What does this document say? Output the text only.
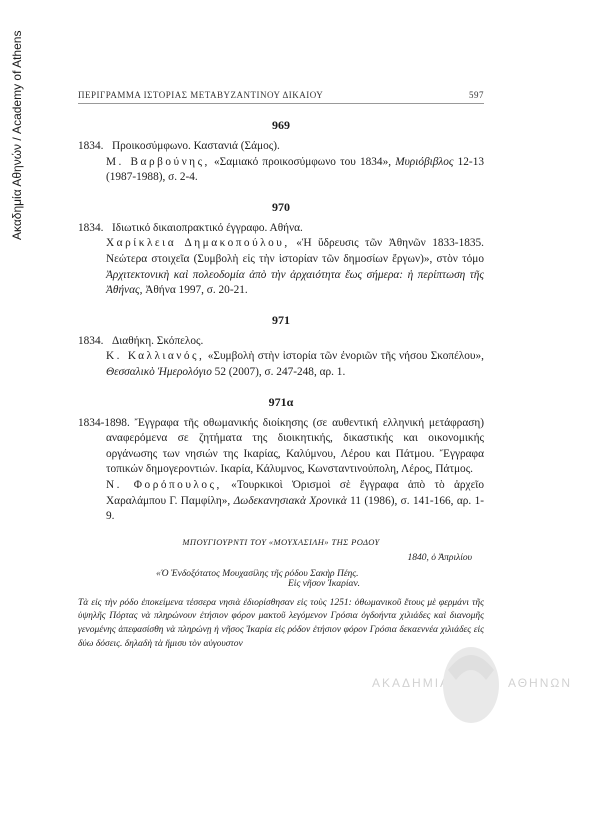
Ακαδημία Αθηνών / Academy of Athens	ΠΕΡΙΓΡΑΜΜΑ ΙΣΤΟΡΙΑΣ ΜΕΤΑΒΥΖΑΝΤΙΝΟΥ ΔΙΚΑΙΟΥ	597
969
1834. Προικοσύμφωνο. Καστανιά (Σάμος).
Μ. Βαρβούνης, «Σαμιακό προικοσύμφωνο του 1834», Μυριόβιβλος 12-13 (1987-1988), σ. 2-4.
970
1834. Ιδιωτικό δικαιοπρακτικό έγγραφο. Αθήνα.
Χαρίκλεια Δημακοπούλου, «Ἡ ὕδρευσις τῶν Ἀθηνῶν 1833-1835. Νεώτερα στοιχεῖα (Συμβολὴ εἰς τὴν ἱστορίαν τῶν δημοσίων ἔργων)», στὸν τόμο Ἀρχιτεκτονικὴ καὶ πολεοδομία ἀπὸ τὴν ἀρχαιότητα ἕως σήμερα: ἡ περίπτωση τῆς Ἀθήνας, Ἀθήνα 1997, σ. 20-21.
971
1834. Διαθήκη. Σκόπελος.
Κ. Καλλιανός, «Συμβολὴ στὴν ἱστορία τῶν ἐνοριῶν τῆς νήσου Σκοπέλου», Θεσσαλικὸ Ἡμερολόγιο 52 (2007), σ. 247-248, αρ. 1.
971α
1834-1898. Ἔγγραφα τῆς οθωμανικής διοίκησης (σε αυθεντική ελληνική μετάφραση) αναφερόμενα σε ζητήματα της διοικητικής, δικαστικής και οικονομικής οργάνωσης των νησιών της Ικαρίας, Καλύμνου, Λέρου και Πάτμου. Ἔγγραφα τοπικών δημογεροντιών. Ικαρία, Κάλυμνος, Κωνσταντινούπολη, Λέρος, Πάτμος.
Ν. Φορόπουλος, «Τουρκικοὶ Ὁρισμοὶ σὲ ἔγγραφα ἀπὸ τὸ ἀρχεῖο Χαραλάμπου Γ. Παμφίλη», Δωδεκανησιακὰ Χρονικὰ 11 (1986), σ. 141-166, αρ. 1-9.
ΜΠΟΥΓΙΟΥΡΝΤΙ ΤΟΥ «ΜΟΥΧΑΣΙΛΗ» ΤΗΣ ΡΟΔΟΥ
1840, ὁ Ἀπριλίου
«Ὁ Ἐνδοξότατος Μουχασίλης τῆς ρόδου Σακὴρ Πέης.
Εἰς νῆσον Ἰκαρίαν.
Τὰ εἰς τὴν ρόδο ἐποκείμενα τέσσερα νησιὰ ἐδιορίσθησαν εἰς τοὺς 1251: ὀθωμανικοῦ ἔτους μὲ φερμάνι τῆς ὑψηλῆς Πόρτας νὰ πληρώνουν ἐτήσιον φόρον μακτοῦ λεγόμενον Γρόσια ὀγδοήντα χιλιάδες καὶ διανομῆς γενομένης ἀπεφασίσθη νὰ πληρώνῃ ἡ νῆσος Ἰκαρία εἰς ρόδον ἐτήσιον φόρον Γρόσια δεκαεννέα χιλιάδες εἰς δύω δόσεις. δηλαδὴ τὰ ἥμισυ τὸν αὐγουστον
ΑΚΑΔΗΜΙΑ	ΑΘΗΝΩΝ
